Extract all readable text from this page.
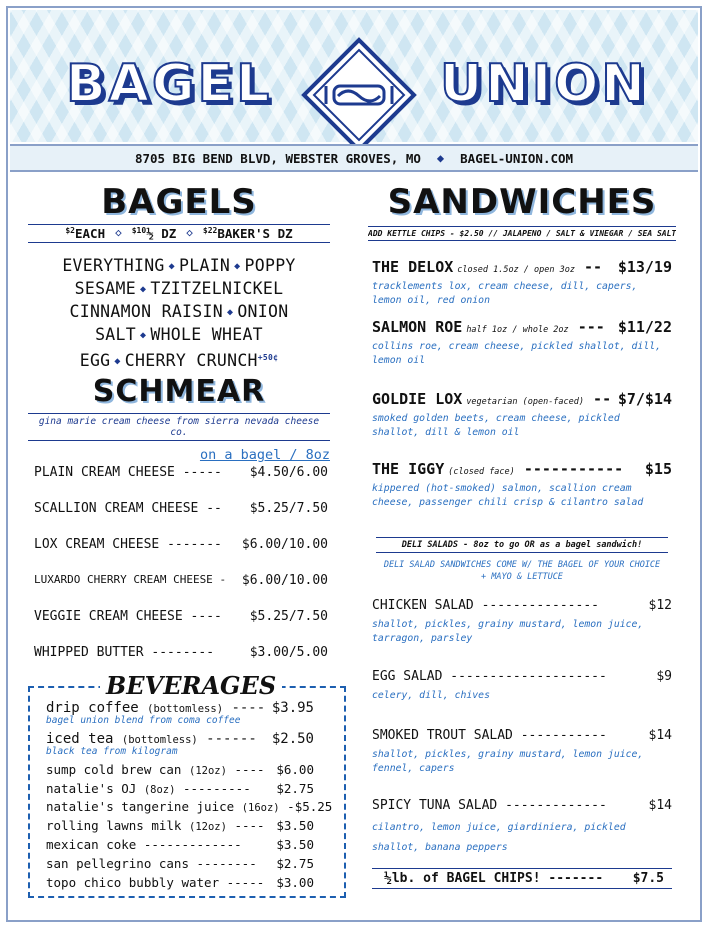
BAGEL	UNION
8705 BIG BEND BLVD, WEBSTER GROVES, MO ◆ BAGEL-UNION.COM
BAGELS
$^{\$2}$EACH ◇ $^{\$10}$½ DZ ◇ $^{\$22}$BAKER'S DZ
EVERYTHING ◆ PLAIN ◆ POPPY
SESAME ◆ TZITZELNICKEL
CINNAMON RAISIN ◆ ONION
SALT ◆ WHOLE WHEAT
EGG ◆ CHERRY CRUNCH$^{+50¢}$
SCHMEAR
gina marie cream cheese from sierra nevada cheese co.
on a bagel / 8oz
PLAIN CREAM CHEESE ----- $4.50/6.00
SCALLION CREAM CHEESE -- $5.25/7.50
LOX CREAM CHEESE ------- $6.00/10.00
LUXARDO CHERRY CREAM CHEESE - $6.00/10.00
VEGGIE CREAM CHEESE ---- $5.25/7.50
WHIPPED BUTTER --------	$3.00/5.00
BEVERAGES
drip coffee (bottomless) ---- $3.95
bagel union blend from coma coffee
iced tea (bottomless) ------ $2.50
black tea from kilogram
sump cold brew can (12oz) ---- $6.00
natalie's OJ (8oz) --------- $2.75
natalie's tangerine juice (16oz) - $5.25
rolling lawns milk (12oz) ---- $3.50
mexican coke -------------	$3.50
san pellegrino cans -------- $2.75
topo chico bubbly water ----- $3.00
SANDWICHES
ADD KETTLE CHIPS - $2.50 // JALAPENO / SALT & VINEGAR / SEA SALT
THE DELOX closed 1.5oz / open 3oz -- $13/19
tracklements lox, cream cheese, dill, capers, lemon oil, red onion
SALMON ROE half 1oz / whole 2oz --- $11/22
collins roe, cream cheese, pickled shallot, dill, lemon oil
GOLDIE LOX vegetarian (open-faced) -- $7/$14
smoked golden beets, cream cheese, pickled shallot, dill & lemon oil
THE IGGY (closed face) ----------- $15
kippered (hot-smoked) salmon, scallion cream cheese, passenger chili crisp & cilantro salad
DELI SALADS - 8oz to go OR as a bagel sandwich!
DELI SALAD SANDWICHES COME W/ THE BAGEL OF YOUR CHOICE
+ MAYO & LETTUCE
CHICKEN SALAD ---------------	$12
shallot, pickles, grainy mustard, lemon juice, tarragon, parsley
EGG SALAD --------------------	$9
celery, dill, chives
SMOKED TROUT SALAD -----------	$14
shallot, pickles, grainy mustard, lemon juice, fennel, capers
SPICY TUNA SALAD -------------	$14
cilantro, lemon juice, giardiniera, pickled shallot, banana peppers
½lb. of BAGEL CHIPS! ------- $7.5
